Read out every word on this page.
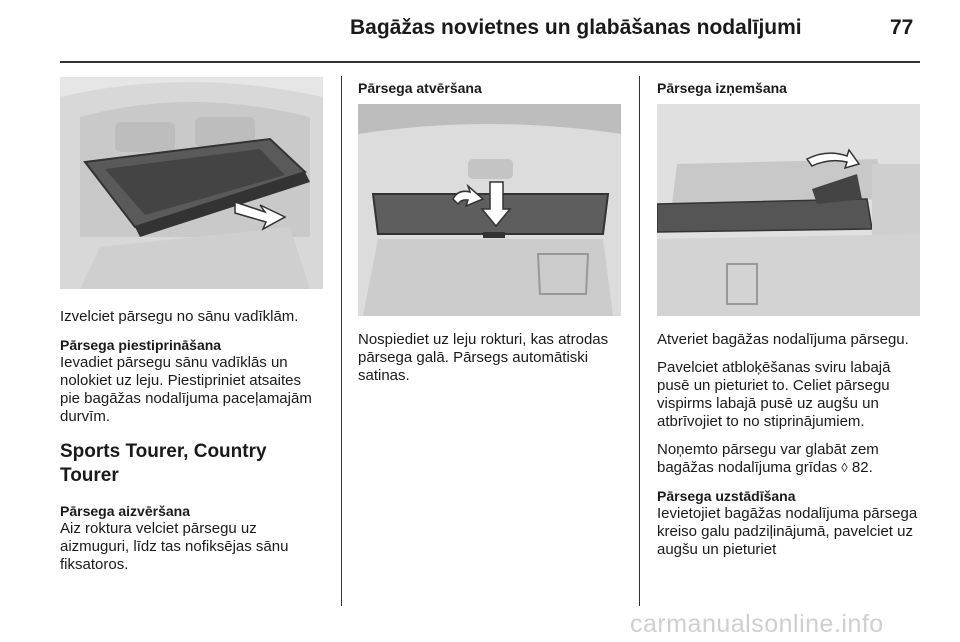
Bagāžas novietnes un glabāšanas nodalījumi	77

Izvelciet pārsegu no sānu vadīklām.

Pārsega piestiprināšana
Ievadiet pārsegu sānu vadīklās un nolokiet uz leju. Piestipriniet atsaites pie bagāžas nodalījuma paceļamajām durvīm.

Sports Tourer, Country Tourer

Pārsega aizvēršana
Aiz roktura velciet pārsegu uz aizmuguri, līdz tas nofiksējas sānu fiksatoros.

Pārsega atvēršana

Nospiediet uz leju rokturi, kas atrodas pārsega galā. Pārsegs automātiski satinas.

Pārsega izņemšana

Atveriet bagāžas nodalījuma pārsegu.

Pavelciet atbloķēšanas sviru labajā pusē un pieturiet to. Celiet pārsegu vispirms labajā pusē uz augšu un atbrīvojiet to no stiprinājumiem.

Noņemto pārsegu var glabāt zem bagāžas nodalījuma grīdas ◊ 82.

Pārsega uzstādīšana
Ievietojiet bagāžas nodalījuma pārsega kreiso galu padziļinājumā, pavelciet uz augšu un pieturiet

carmanualsonline.info
